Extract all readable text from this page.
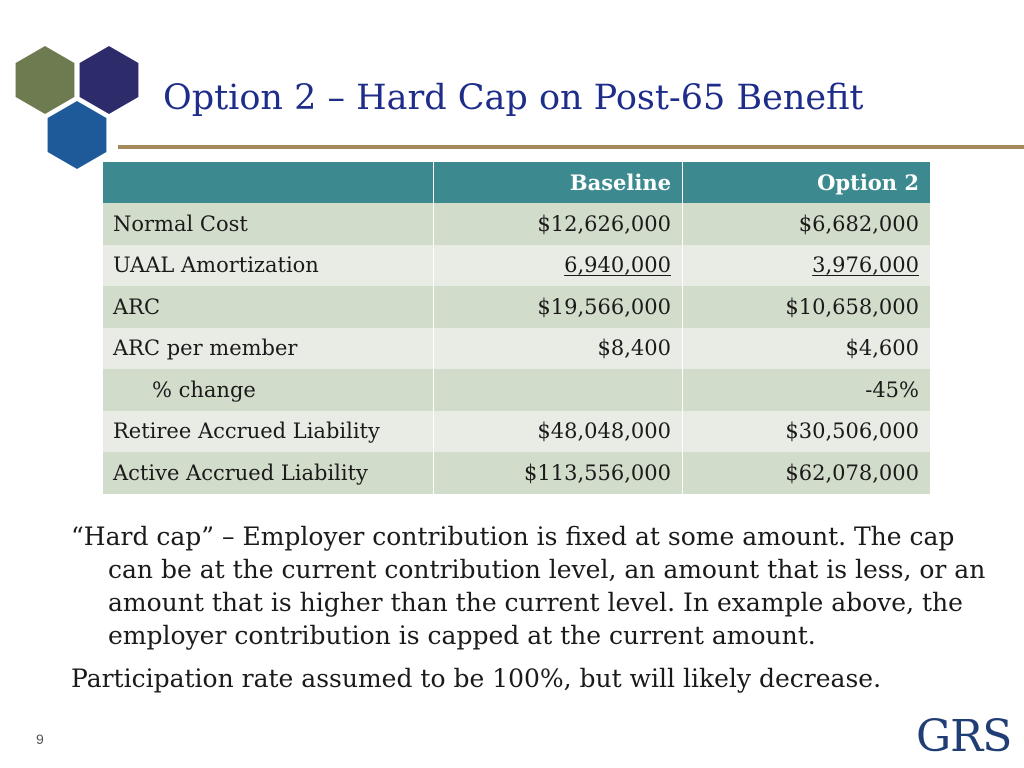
Option 2 – Hard Cap on Post-65 Benefit
	Baseline	Option 2
Normal Cost	$12,626,000	$6,682,000
UAAL Amortization	6,940,000	3,976,000
ARC	$19,566,000	$10,658,000
ARC per member	$8,400	$4,600
% change		-45%
Retiree Accrued Liability	$48,048,000	$30,506,000
Active Accrued Liability	$113,556,000	$62,078,000

“Hard cap” – Employer contribution is fixed at some amount. The cap can be at the current contribution level, an amount that is less, or an amount that is higher than the current level. In example above, the employer contribution is capped at the current amount.

Participation rate assumed to be 100%, but will likely decrease.

9	GRS
